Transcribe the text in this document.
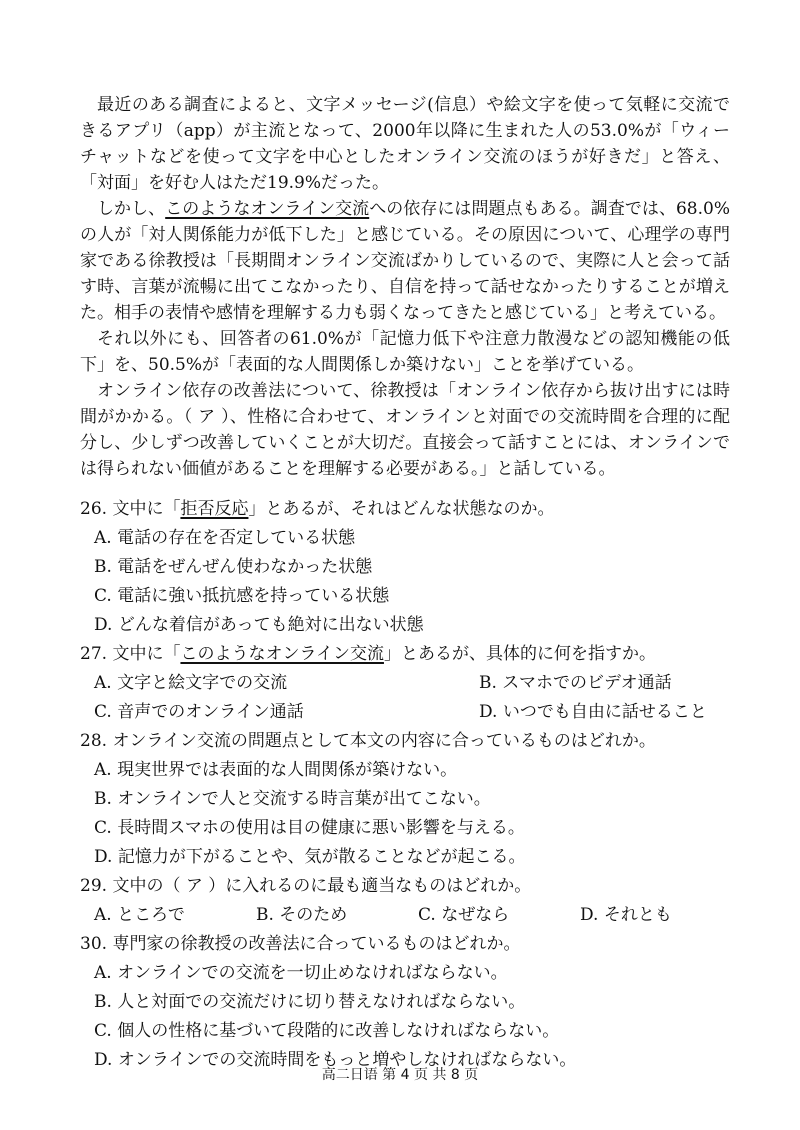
最近のある調査によると、文字メッセージ(信息）や絵文字を使って気軽に交流できるアプリ（app）が主流となって、2000年以降に生まれた人の53.0%が「ウィーチャットなどを使って文字を中心としたオンライン交流のほうが好きだ」と答え、「対面」を好む人はただ19.9%だった。

しかし、このようなオンライン交流への依存には問題点もある。調査では、68.0%の人が「対人関係能力が低下した」と感じている。その原因について、心理学の専門家である徐教授は「長期間オンライン交流ばかりしているので、実際に人と会って話す時、言葉が流暢に出てこなかったり、自信を持って話せなかったりすることが増えた。相手の表情や感情を理解する力も弱くなってきたと感じている」と考えている。

それ以外にも、回答者の61.0%が「記憶力低下や注意力散漫などの認知機能の低下」を、50.5%が「表面的な人間関係しか築けない」ことを挙げている。

オンライン依存の改善法について、徐教授は「オンライン依存から抜け出すには時間がかかる。（ ア ）、性格に合わせて、オンラインと対面での交流時間を合理的に配分し、少しずつ改善していくことが大切だ。直接会って話すことには、オンラインでは得られない価値があることを理解する必要がある。」と話している。

26. 文中に「拒否反応」とあるが、それはどんな状態なのか。

A. 電話の存在を否定している状態

B. 電話をぜんぜん使わなかった状態

C. 電話に強い抵抗感を持っている状態

D. どんな着信があっても絶対に出ない状態

27. 文中に「このようなオンライン交流」とあるが、具体的に何を指すか。

A. 文字と絵文字での交流	B. スマホでのビデオ通話
C. 音声でのオンライン通話	D. いつでも自由に話せること

28. オンライン交流の問題点として本文の内容に合っているものはどれか。

A. 現実世界では表面的な人間関係が築けない。

B. オンラインで人と交流する時言葉が出てこない。

C. 長時間スマホの使用は目の健康に悪い影響を与える。

D. 記憶力が下がることや、気が散ることなどが起こる。

29. 文中の（ ア ）に入れるのに最も適当なものはどれか。

A. ところで	B. そのため	C. なぜなら	D. それとも

30. 専門家の徐教授の改善法に合っているものはどれか。

A. オンラインでの交流を一切止めなければならない。

B. 人と対面での交流だけに切り替えなければならない。

C. 個人の性格に基づいて段階的に改善しなければならない。

D. オンラインでの交流時間をもっと増やしなければならない。

高二日语 第 4 页 共 8 页
